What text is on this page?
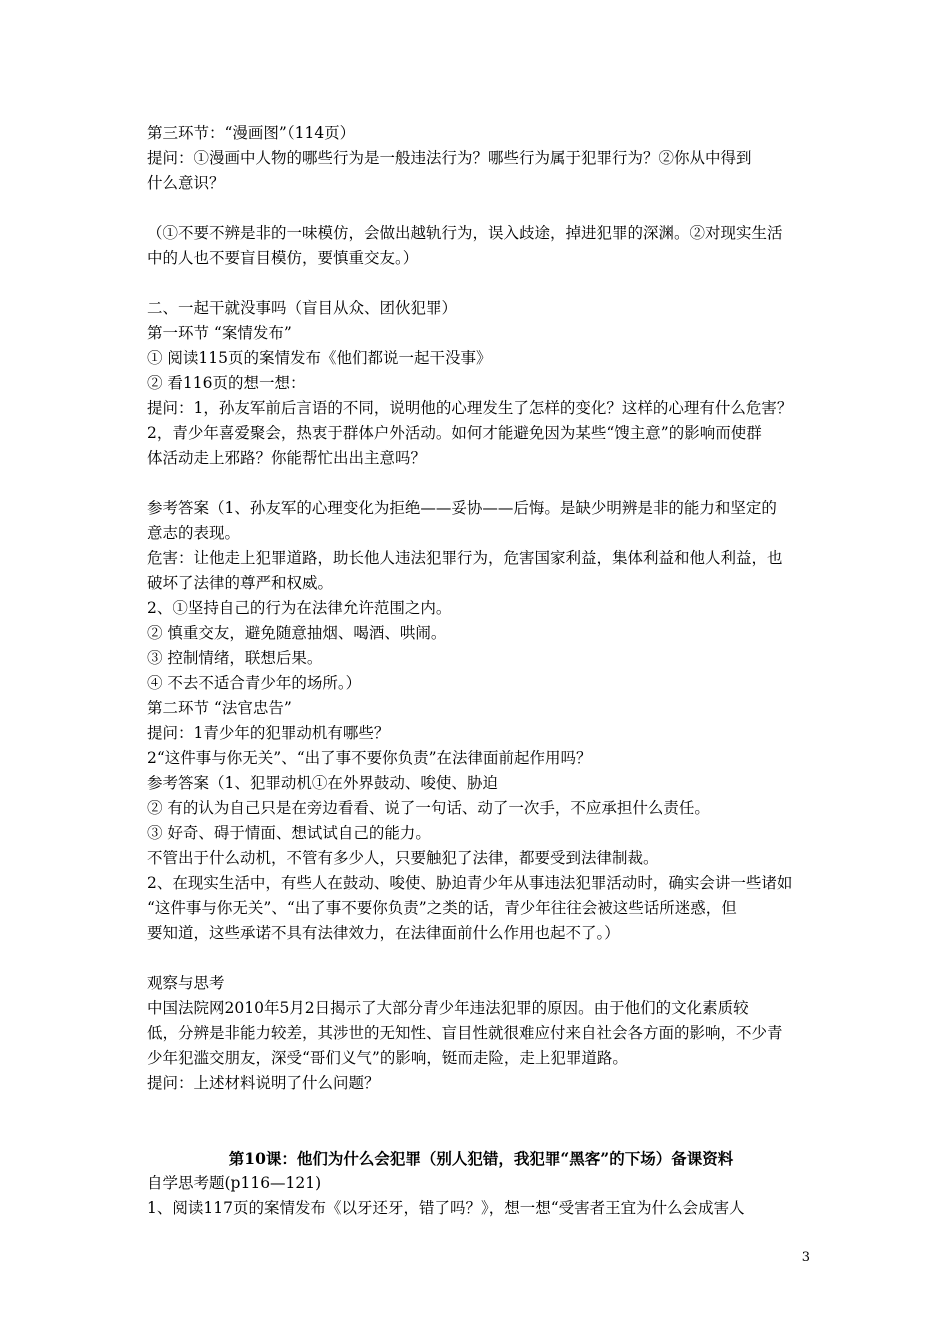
第三环节：“漫画图”（114页）
提问：①漫画中人物的哪些行为是一般违法行为？哪些行为属于犯罪行为？②你从中得到
什么意识？
（①不要不辨是非的一味模仿，会做出越轨行为，误入歧途，掉进犯罪的深渊。②对现实生活
中的人也不要盲目模仿，要慎重交友。）
二、一起干就没事吗（盲目从众、团伙犯罪）
第一环节 “案情发布”
① 阅读115页的案情发布《他们都说一起干没事》
② 看116页的想一想：
提问：1，孙友军前后言语的不同，说明他的心理发生了怎样的变化？这样的心理有什么危害？
2，青少年喜爱聚会，热衷于群体户外活动。如何才能避免因为某些“馊主意”的影响而使群
体活动走上邪路？你能帮忙出出主意吗？
参考答案（1、孙友军的心理变化为拒绝——妥协——后悔。是缺少明辨是非的能力和坚定的
意志的表现。
危害：让他走上犯罪道路，助长他人违法犯罪行为，危害国家利益，集体利益和他人利益，也
破坏了法律的尊严和权威。
2、①坚持自己的行为在法律允许范围之内。
② 慎重交友，避免随意抽烟、喝酒、哄闹。
③ 控制情绪，联想后果。
④ 不去不适合青少年的场所。）
第二环节 “法官忠告”
提问：1青少年的犯罪动机有哪些？
2“这件事与你无关”、“出了事不要你负责”在法律面前起作用吗？
参考答案（1、犯罪动机①在外界鼓动、唆使、胁迫
② 有的认为自己只是在旁边看看、说了一句话、动了一次手，不应承担什么责任。
③ 好奇、碍于情面、想试试自己的能力。
不管出于什么动机，不管有多少人，只要触犯了法律，都要受到法律制裁。
2、在现实生活中，有些人在鼓动、唆使、胁迫青少年从事违法犯罪活动时，确实会讲一些诸如
“这件事与你无关”、“出了事不要你负责”之类的话，青少年往往会被这些话所迷惑，但
要知道，这些承诺不具有法律效力，在法律面前什么作用也起不了。）
观察与思考
中国法院网2010年5月2日揭示了大部分青少年违法犯罪的原因。由于他们的文化素质较
低，分辨是非能力较差，其涉世的无知性、盲目性就很难应付来自社会各方面的影响，不少青
少年犯滥交朋友，深受“哥们义气”的影响，铤而走险，走上犯罪道路。
提问：上述材料说明了什么问题？
第10课：他们为什么会犯罪（别人犯错，我犯罪“黑客”的下场）备课资料
自学思考题(p116—121)
1、阅读117页的案情发布《以牙还牙，错了吗？》，想一想“受害者王宜为什么会成害人
3
